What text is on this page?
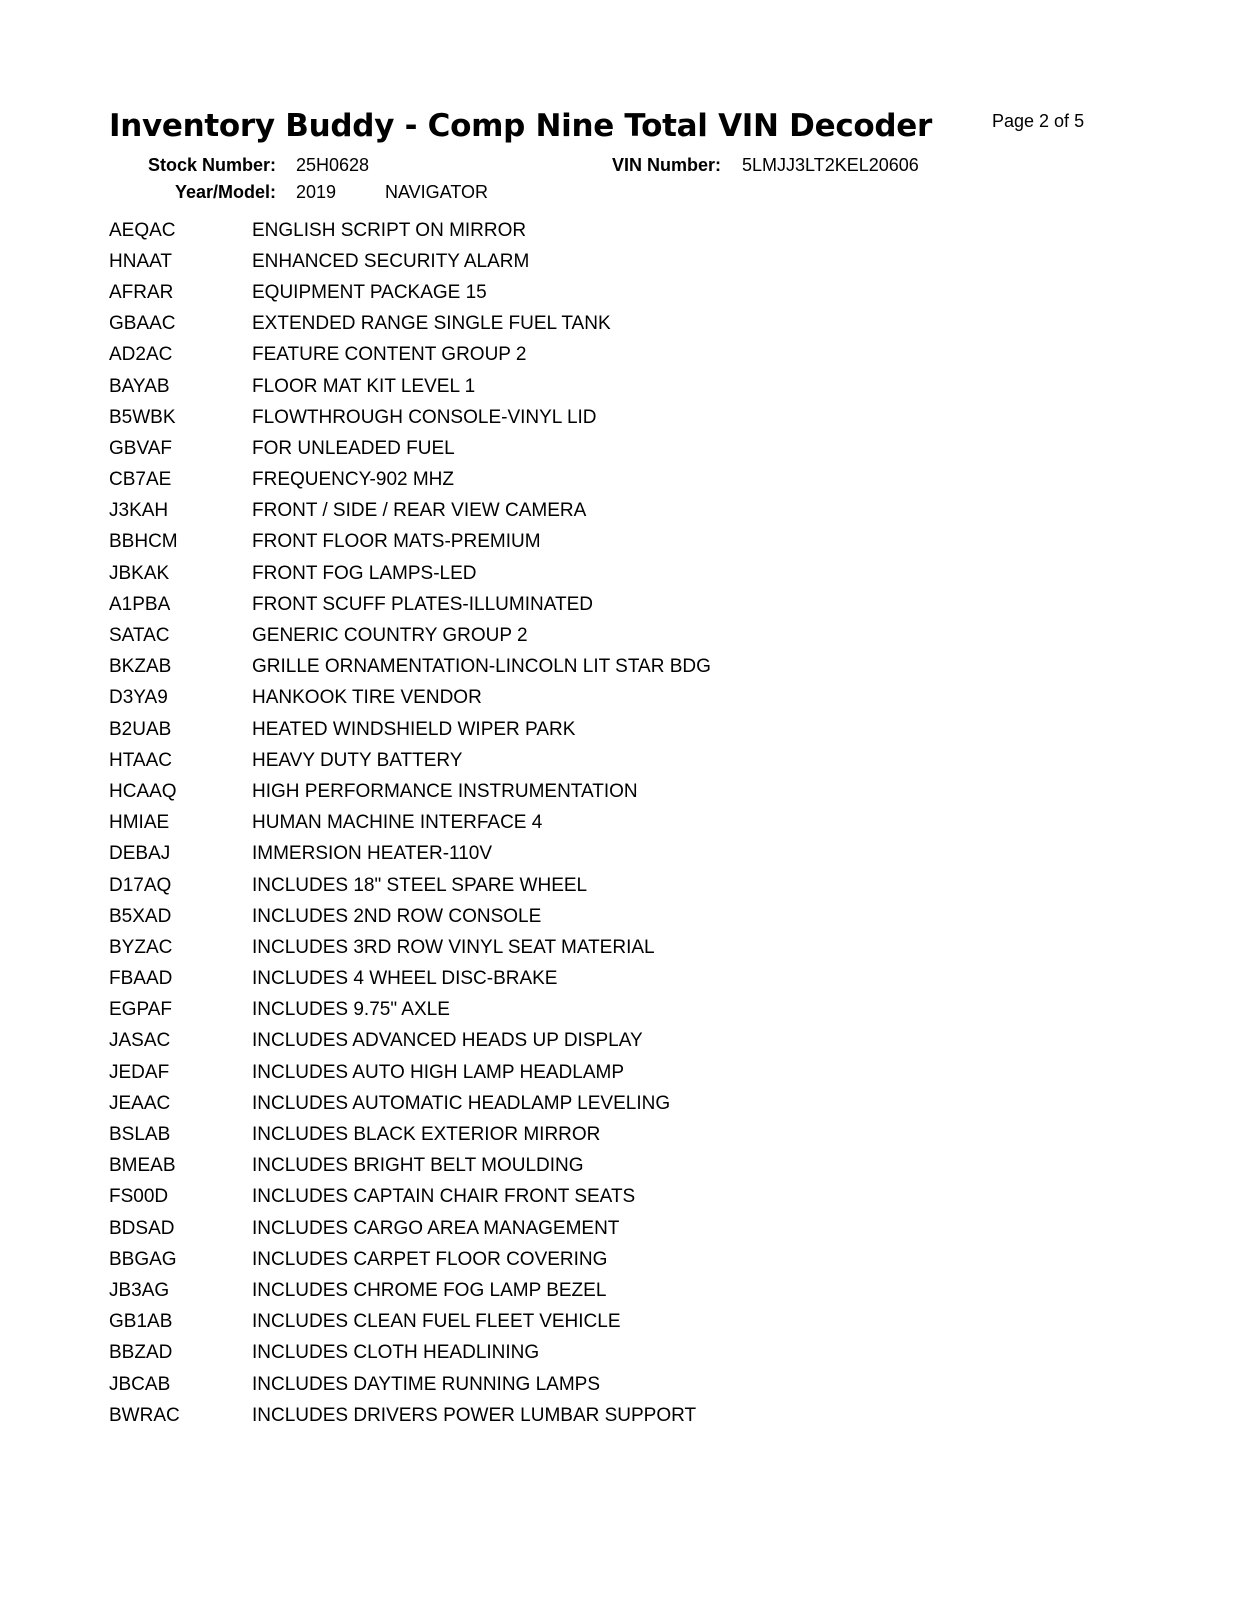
Inventory Buddy - Comp Nine Total VIN Decoder	Page 2 of 5
Stock Number: 25H0628	VIN Number: 5LMJJ3LT2KEL20606
Year/Model: 2019	NAVIGATOR
AEQAC	ENGLISH SCRIPT ON MIRROR
HNAAT	ENHANCED SECURITY ALARM
AFRAR	EQUIPMENT PACKAGE 15
GBAAC	EXTENDED RANGE SINGLE FUEL TANK
AD2AC	FEATURE CONTENT GROUP 2
BAYAB	FLOOR MAT KIT LEVEL 1
B5WBK	FLOWTHROUGH CONSOLE-VINYL LID
GBVAF	FOR UNLEADED FUEL
CB7AE	FREQUENCY-902 MHZ
J3KAH	FRONT / SIDE / REAR VIEW CAMERA
BBHCM	FRONT FLOOR MATS-PREMIUM
JBKAK	FRONT FOG LAMPS-LED
A1PBA	FRONT SCUFF PLATES-ILLUMINATED
SATAC	GENERIC COUNTRY GROUP 2
BKZAB	GRILLE ORNAMENTATION-LINCOLN LIT STAR BDG
D3YA9	HANKOOK TIRE VENDOR
B2UAB	HEATED WINDSHIELD WIPER PARK
HTAAC	HEAVY DUTY BATTERY
HCAAQ	HIGH PERFORMANCE INSTRUMENTATION
HMIAE	HUMAN MACHINE INTERFACE 4
DEBAJ	IMMERSION HEATER-110V
D17AQ	INCLUDES 18" STEEL SPARE WHEEL
B5XAD	INCLUDES 2ND ROW CONSOLE
BYZAC	INCLUDES 3RD ROW VINYL SEAT MATERIAL
FBAAD	INCLUDES 4 WHEEL DISC-BRAKE
EGPAF	INCLUDES 9.75" AXLE
JASAC	INCLUDES ADVANCED HEADS UP DISPLAY
JEDAF	INCLUDES AUTO HIGH LAMP HEADLAMP
JEAAC	INCLUDES AUTOMATIC HEADLAMP LEVELING
BSLAB	INCLUDES BLACK EXTERIOR MIRROR
BMEAB	INCLUDES BRIGHT BELT MOULDING
FS00D	INCLUDES CAPTAIN CHAIR FRONT SEATS
BDSAD	INCLUDES CARGO AREA MANAGEMENT
BBGAG	INCLUDES CARPET FLOOR COVERING
JB3AG	INCLUDES CHROME FOG LAMP BEZEL
GB1AB	INCLUDES CLEAN FUEL FLEET VEHICLE
BBZAD	INCLUDES CLOTH HEADLINING
JBCAB	INCLUDES DAYTIME RUNNING LAMPS
BWRAC	INCLUDES DRIVERS POWER LUMBAR SUPPORT
